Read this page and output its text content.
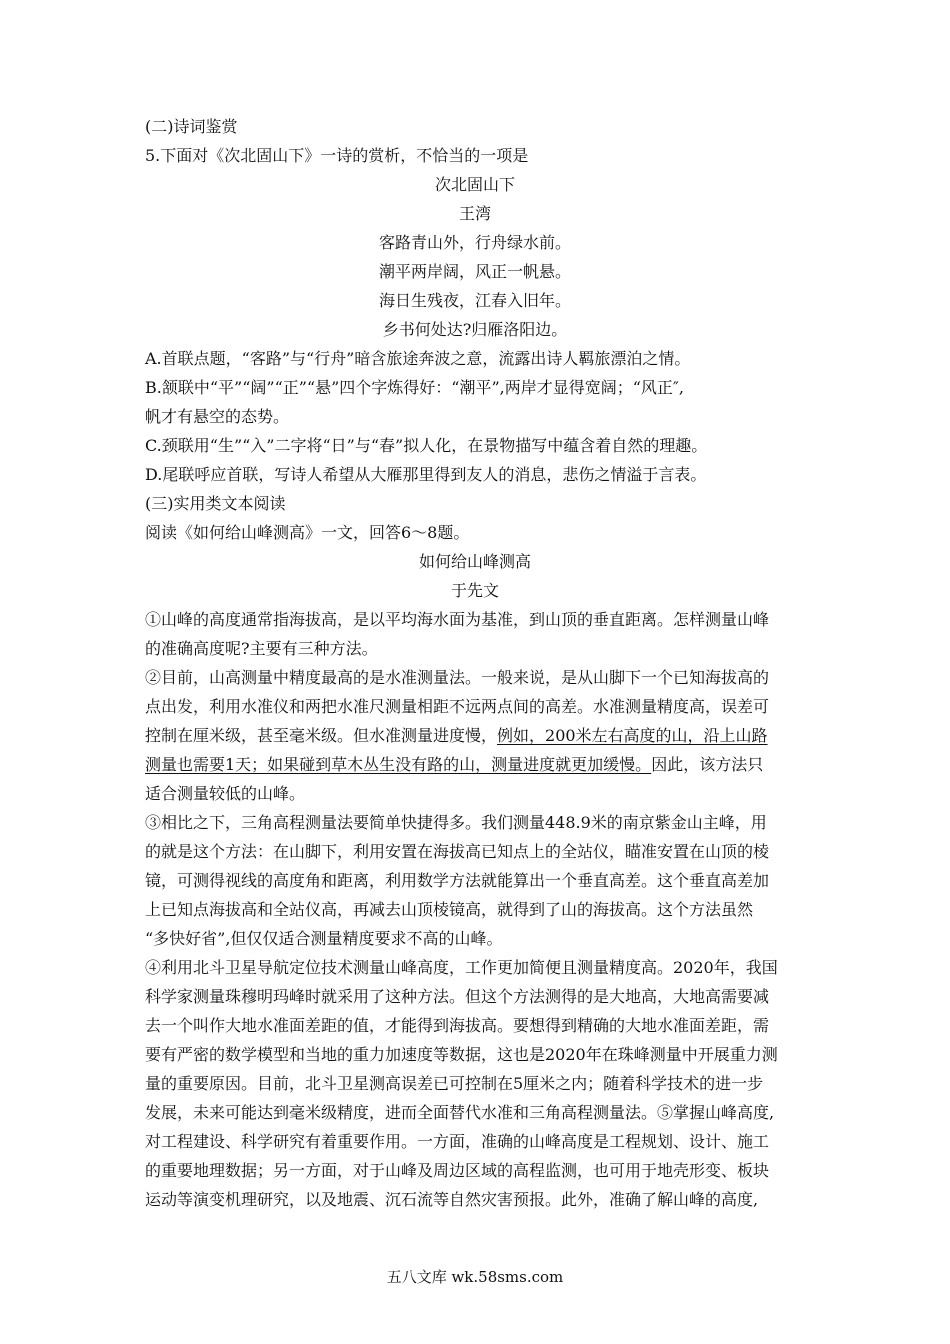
(二)诗词鉴赏
5.下面对《次北固山下》一诗的赏析，不恰当的一项是
次北固山下
王湾
客路青山外，行舟绿水前。
潮平两岸阔，风正一帆悬。
海日生残夜，江春入旧年。
乡书何处达?归雁洛阳边。
A.首联点题，“客路”与“行舟”暗含旅途奔波之意，流露出诗人羁旅漂泊之情。
B.颔联中“平”“阔”“正”“悬”四个字炼得好：“潮平”,两岸才显得宽阔；“风正″,
帆才有悬空的态势。
C.颈联用“生”“入”二字将“日”与“春”拟人化，在景物描写中蕴含着自然的理趣。
D.尾联呼应首联，写诗人希望从大雁那里得到友人的消息，悲伤之情溢于言表。
(三)实用类文本阅读
阅读《如何给山峰测高》一文，回答6～8题。
如何给山峰测高
于先文
①山峰的高度通常指海拔高，是以平均海水面为基准，到山顶的垂直距离。怎样测量山峰
的准确高度呢?主要有三种方法。
②目前，山高测量中精度最高的是水准测量法。一般来说，是从山脚下一个已知海拔高的
点出发，利用水准仪和两把水准尺测量相距不远两点间的高差。水准测量精度高，误差可
控制在厘米级，甚至毫米级。但水准测量进度慢，例如，200米左右高度的山，沿上山路
测量也需要1天；如果碰到草木丛生没有路的山，测量进度就更加缓慢。因此，该方法只
适合测量较低的山峰。
③相比之下，三角高程测量法要简单快捷得多。我们测量448.9米的南京紫金山主峰，用
的就是这个方法：在山脚下，利用安置在海拔高已知点上的全站仪，瞄准安置在山顶的棱
镜，可测得视线的高度角和距离，利用数学方法就能算出一个垂直高差。这个垂直高差加
上已知点海拔高和全站仪高，再减去山顶棱镜高，就得到了山的海拔高。这个方法虽然
“多快好省”,但仅仅适合测量精度要求不高的山峰。
④利用北斗卫星导航定位技术测量山峰高度，工作更加简便且测量精度高。2020年，我国
科学家测量珠穆明玛峰时就采用了这种方法。但这个方法测得的是大地高，大地高需要减
去一个叫作大地水准面差距的值，才能得到海拔高。要想得到精确的大地水准面差距，需
要有严密的数学模型和当地的重力加速度等数据，这也是2020年在珠峰测量中开展重力测
量的重要原因。目前，北斗卫星测高误差已可控制在5厘米之内；随着科学技术的进一步
发展，未来可能达到毫米级精度，进而全面替代水准和三角高程测量法。⑤掌握山峰高度,
对工程建设、科学研究有着重要作用。一方面，准确的山峰高度是工程规划、设计、施工
的重要地理数据；另一方面，对于山峰及周边区域的高程监测，也可用于地壳形变、板块
运动等演变机理研究，以及地震、沉石流等自然灾害预报。此外，准确了解山峰的高度,
五八文库 wk.58sms.com
